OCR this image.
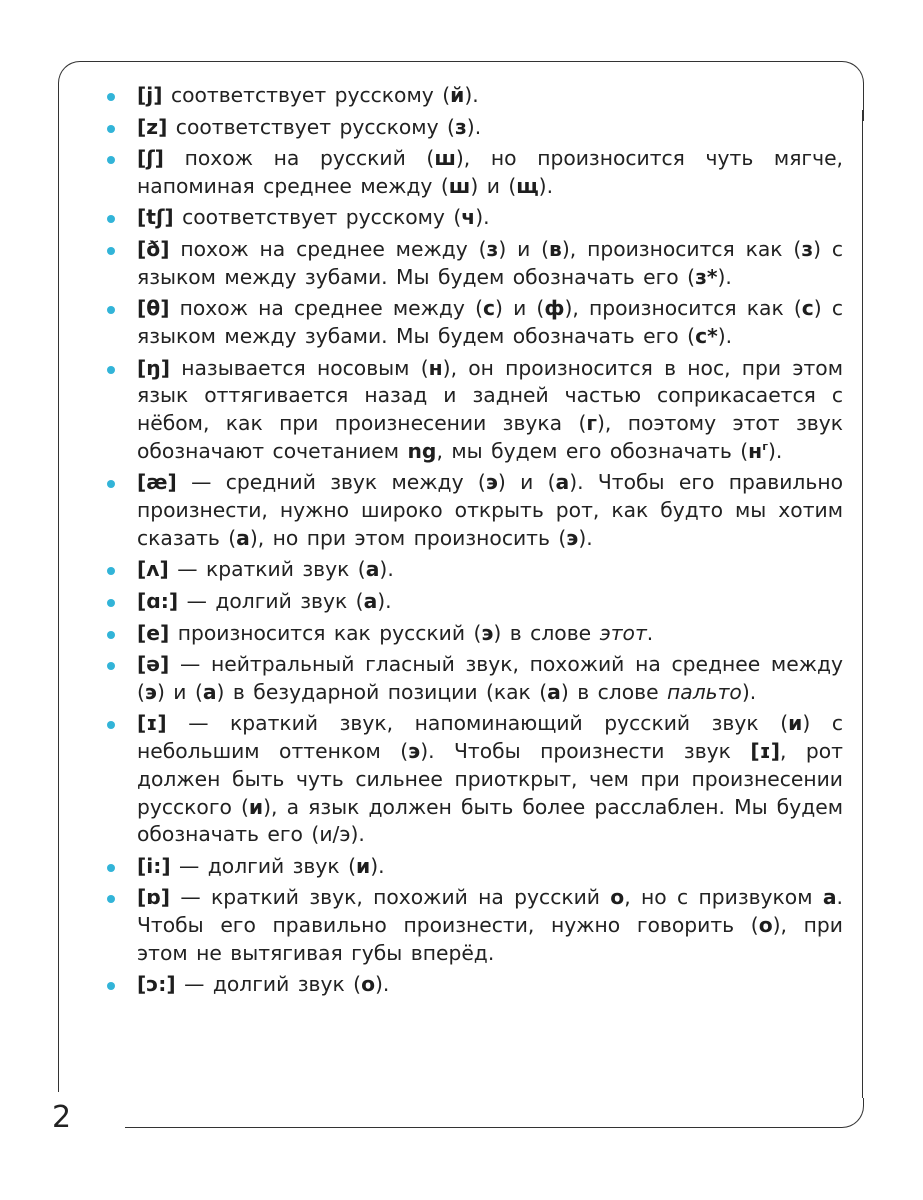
[j] соответствует русскому (й).
[z] соответствует русскому (з).
[ʃ] похож на русский (ш), но произносится чуть мягче, напоминая среднее между (ш) и (щ).
[tʃ] соответствует русскому (ч).
[ð] похож на среднее между (з) и (в), произносится как (з) с языком между зубами. Мы будем обозначать его (з*).
[θ] похож на среднее между (с) и (ф), произносится как (с) с языком между зубами. Мы будем обозначать его (с*).
[ŋ] называется носовым (н), он произносится в нос, при этом язык оттягивается назад и задней частью соприкасается с нёбом, как при произнесении звука (г), поэтому этот звук обозначают сочетанием ng, мы будем его обозначать $(н^г)$.
[æ] — средний звук между (э) и (а). Чтобы его правильно произнести, нужно широко открыть рот, как будто мы хотим сказать (а), но при этом произносить (э).
[ʌ] — краткий звук (а).
[ɑ:] — долгий звук (а).
[e] произносится как русский (э) в слове этот.
[ə] — нейтральный гласный звук, похожий на среднее между (э) и (а) в безударной позиции (как (а) в слове пальто).
[ɪ] — краткий звук, напоминающий русский звук (и) с небольшим оттенком (э). Чтобы произнести звук [ɪ], рот должен быть чуть сильнее приоткрыт, чем при произнесении русского (и), а язык должен быть более расслаблен. Мы будем обозначать его (и/э).
[i:] — долгий звук (и).
[ɒ] — краткий звук, похожий на русский о, но с призвуком а. Чтобы его правильно произнести, нужно говорить (о), при этом не вытягивая губы вперёд.
[ɔ:] — долгий звук (о).
2
